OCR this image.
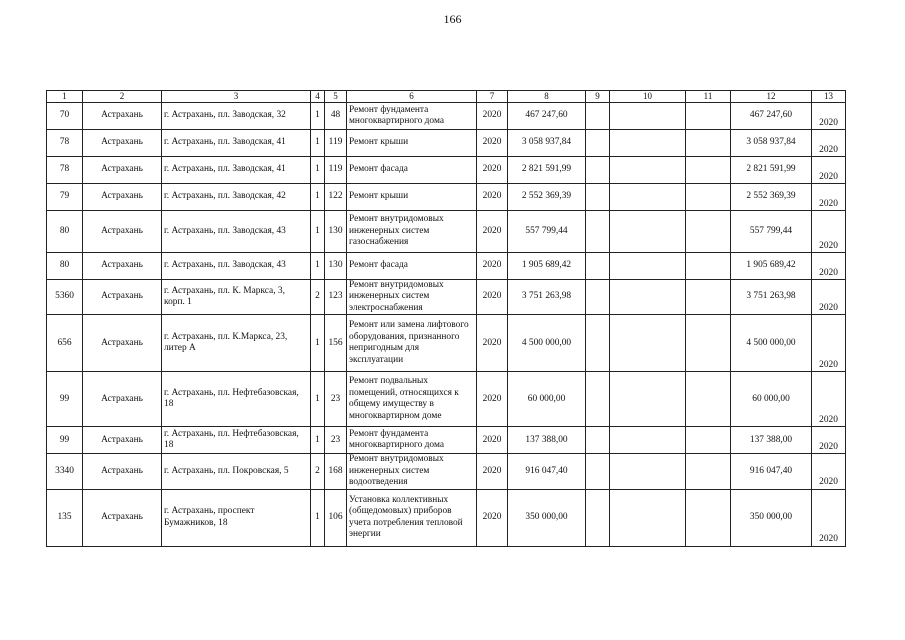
166
1	2	3	4	5	6	7	8	9	10	11	12	13
70	Астрахань	г. Астрахань, пл. Заводская, 32	1	48	Ремонт фундамента многоквартирного дома	2020	467 247,60				467 247,60	2020
78	Астрахань	г. Астрахань, пл. Заводская, 41	1	119	Ремонт крыши	2020	3 058 937,84				3 058 937,84	2020
78	Астрахань	г. Астрахань, пл. Заводская, 41	1	119	Ремонт фасада	2020	2 821 591,99				2 821 591,99	2020
79	Астрахань	г. Астрахань, пл. Заводская, 42	1	122	Ремонт крыши	2020	2 552 369,39				2 552 369,39	2020
80	Астрахань	г. Астрахань, пл. Заводская, 43	1	130	Ремонт внутридомовых инженерных систем газоснабжения	2020	557 799,44				557 799,44	2020
80	Астрахань	г. Астрахань, пл. Заводская, 43	1	130	Ремонт фасада	2020	1 905 689,42				1 905 689,42	2020
5360	Астрахань	г. Астрахань, пл. К. Маркса, 3, корп. 1	2	123	Ремонт внутридомовых инженерных систем электроснабжения	2020	3 751 263,98				3 751 263,98	2020
656	Астрахань	г. Астрахань, пл. К.Маркса, 23, литер А	1	156	Ремонт или замена лифтового оборудования, признанного непригодным для эксплуатации	2020	4 500 000,00				4 500 000,00	2020
99	Астрахань	г. Астрахань, пл. Нефтебазовская, 18	1	23	Ремонт подвальных помещений, относящихся к общему имуществу в многоквартирном доме	2020	60 000,00				60 000,00	2020
99	Астрахань	г. Астрахань, пл. Нефтебазовская, 18	1	23	Ремонт фундамента многоквартирного дома	2020	137 388,00				137 388,00	2020
3340	Астрахань	г. Астрахань, пл. Покровская, 5	2	168	Ремонт внутридомовых инженерных систем водоотведения	2020	916 047,40				916 047,40	2020
135	Астрахань	г. Астрахань, проспект Бумажников, 18	1	106	Установка коллективных (общедомовых) приборов учета потребления тепловой энергии	2020	350 000,00				350 000,00	2020
